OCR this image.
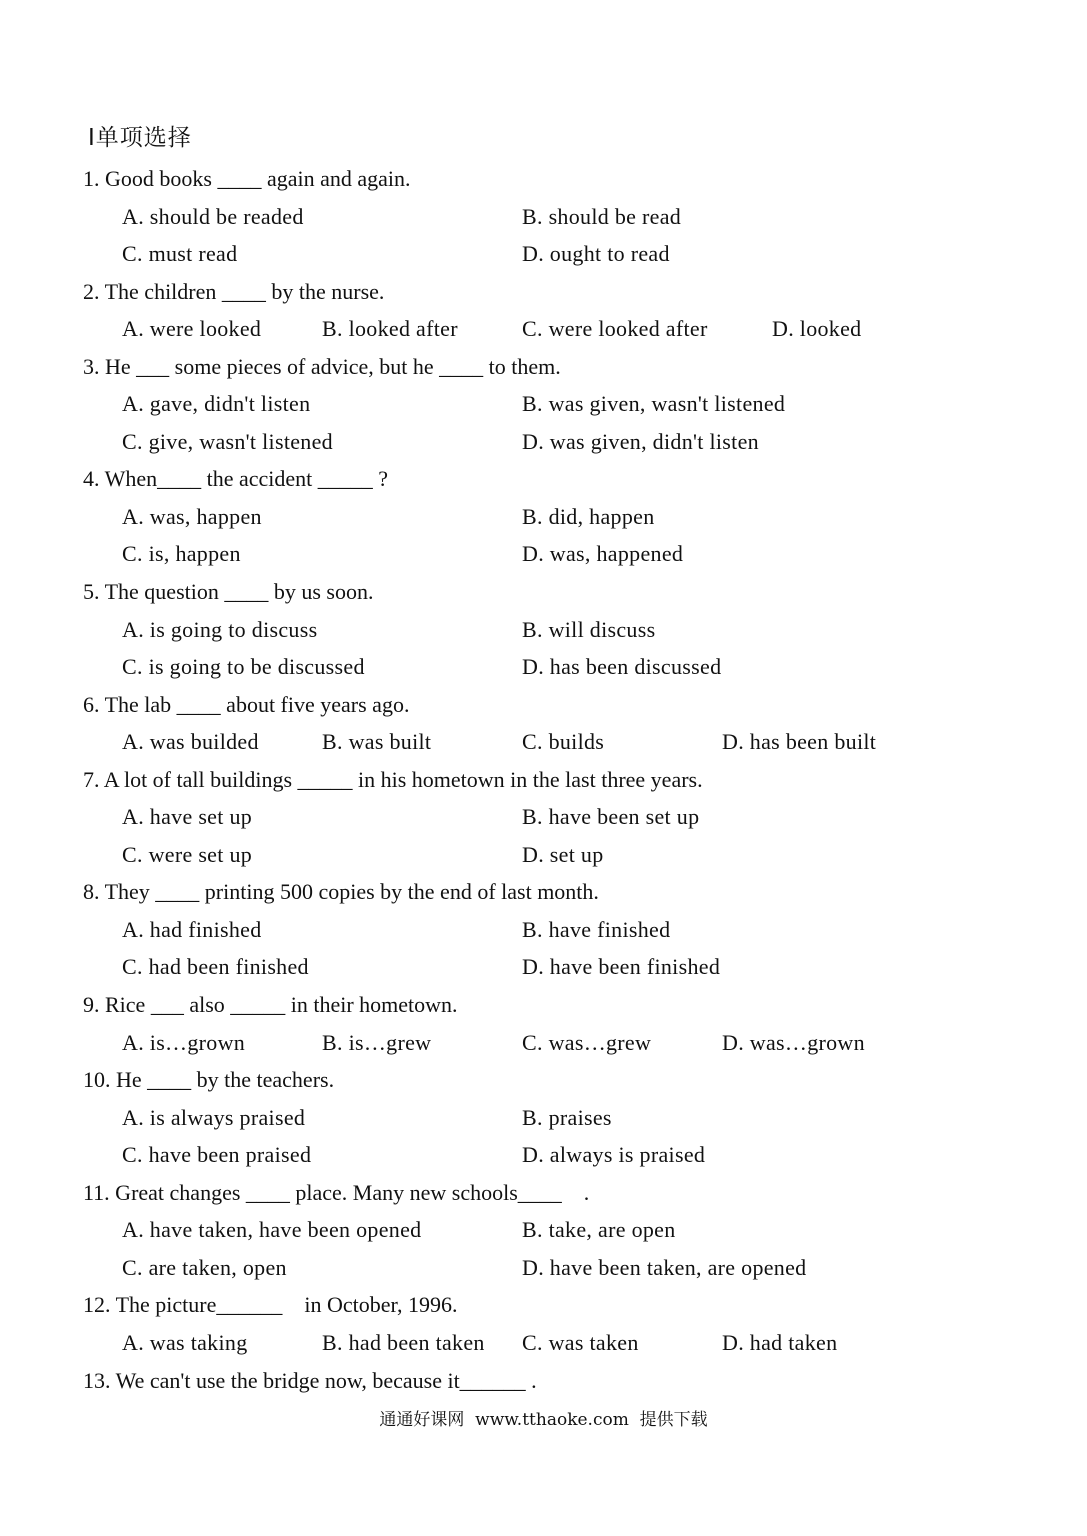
Ⅰ单项选择
1. Good books ____ again and again.
A. should be readed	B. should be read
C. must read	D. ought to read
2. The children ____ by the nurse.
A. were looked	B. looked after	C. were looked after	D. looked
3. He ___ some pieces of advice, but he ____ to them.
A. gave, didn't listen	B. was given, wasn't listened
C. give, wasn't listened	D. was given, didn't listen
4. When____ the accident _____ ?
A. was, happen	B. did, happen
C. is, happen	D. was, happened
5. The question ____ by us soon.
A. is going to discuss	B. will discuss
C. is going to be discussed	D. has been discussed
6. The lab ____ about five years ago.
A. was builded	B. was built	C. builds	D. has been built
7. A lot of tall buildings _____ in his hometown in the last three years.
A. have set up	B. have been set up
C. were set up	D. set up
8. They ____ printing 500 copies by the end of last month.
A. had finished	B. have finished
C. had been finished	D. have been finished
9. Rice ___ also _____ in their hometown.
A. is…grown	B. is…grew	C. was…grew	D. was…grown
10. He ____ by the teachers.
A. is always praised	B. praises
C. have been praised	D. always is praised
11. Great changes ____ place. Many new schools____    .
A. have taken, have been opened	B. take, are open
C. are taken, open	D. have been taken, are opened
12. The picture______    in October, 1996.
A. was taking	B. had been taken C. was taken	D. had taken
13. We can't use the bridge now, because it______ .
通通好课网  www.tthaoke.com  提供下载
